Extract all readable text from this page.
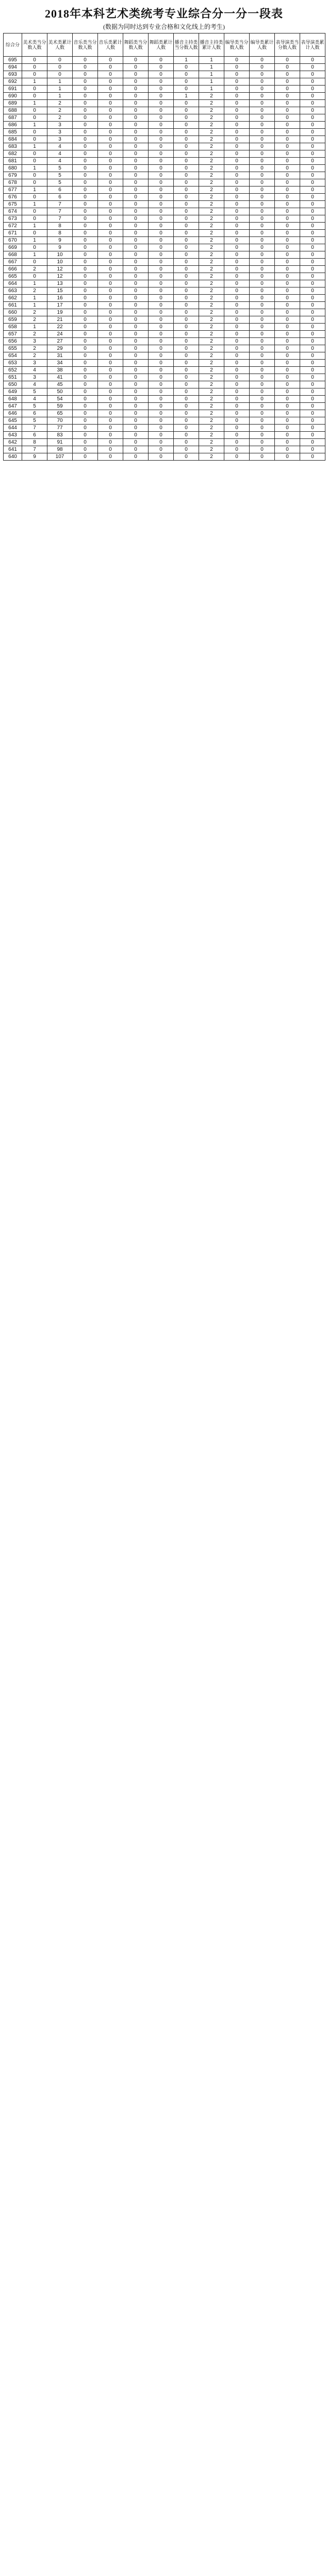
2018年本科艺术类统考专业综合分一分一段表
(数据为同时达到专业合格和文化线上的考生)
综合分	美术类当分数人数	美术类累计人数	音乐类当分数人数	音乐类累计人数	舞蹈类当分数人数	舞蹈类累计人数	播音主持类当分数人数	播音主持类累计人数	编导类当分数人数	编导类累计人数	表导演类当分数人数	表导演类累计人数
695	0	0	0	0	0	0	1	1	0	0	0	0
694	0	0	0	0	0	0	0	1	0	0	0	0
693	0	0	0	0	0	0	0	1	0	0	0	0
692	1	1	0	0	0	0	0	1	0	0	0	0
691	0	1	0	0	0	0	0	1	0	0	0	0
690	0	1	0	0	0	0	1	2	0	0	0	0
689	1	2	0	0	0	0	0	2	0	0	0	0
688	0	2	0	0	0	0	0	2	0	0	0	0
687	0	2	0	0	0	0	0	2	0	0	0	0
686	1	3	0	0	0	0	0	2	0	0	0	0
685	0	3	0	0	0	0	0	2	0	0	0	0
684	0	3	0	0	0	0	0	2	0	0	0	0
683	1	4	0	0	0	0	0	2	0	0	0	0
682	0	4	0	0	0	0	0	2	0	0	0	0
681	0	4	0	0	0	0	0	2	0	0	0	0
680	1	5	0	0	0	0	0	2	0	0	0	0
679	0	5	0	0	0	0	0	2	0	0	0	0
678	0	5	0	0	0	0	0	2	0	0	0	0
677	1	6	0	0	0	0	0	2	0	0	0	0
676	0	6	0	0	0	0	0	2	0	0	0	0
675	1	7	0	0	0	0	0	2	0	0	0	0
674	0	7	0	0	0	0	0	2	0	0	0	0
673	0	7	0	0	0	0	0	2	0	0	0	0
672	1	8	0	0	0	0	0	2	0	0	0	0
671	0	8	0	0	0	0	0	2	0	0	0	0
670	1	9	0	0	0	0	0	2	0	0	0	0
669	0	9	0	0	0	0	0	2	0	0	0	0
668	1	10	0	0	0	0	0	2	0	0	0	0
667	0	10	0	0	0	0	0	2	0	0	0	0
666	2	12	0	0	0	0	0	2	0	0	0	0
665	0	12	0	0	0	0	0	2	0	0	0	0
664	1	13	0	0	0	0	0	2	0	0	0	0
663	2	15	0	0	0	0	0	2	0	0	0	0
662	1	16	0	0	0	0	0	2	0	0	0	0
661	1	17	0	0	0	0	0	2	0	0	0	0
660	2	19	0	0	0	0	0	2	0	0	0	0
659	2	21	0	0	0	0	0	2	0	0	0	0
658	1	22	0	0	0	0	0	2	0	0	0	0
657	2	24	0	0	0	0	0	2	0	0	0	0
656	3	27	0	0	0	0	0	2	0	0	0	0
655	2	29	0	0	0	0	0	2	0	0	0	0
654	2	31	0	0	0	0	0	2	0	0	0	0
653	3	34	0	0	0	0	0	2	0	0	0	0
652	4	38	0	0	0	0	0	2	0	0	0	0
651	3	41	0	0	0	0	0	2	0	0	0	0
650	4	45	0	0	0	0	0	2	0	0	0	0
649	5	50	0	0	0	0	0	2	0	0	0	0
648	4	54	0	0	0	0	0	2	0	0	0	0
647	5	59	0	0	0	0	0	2	0	0	0	0
646	6	65	0	0	0	0	0	2	0	0	0	0
645	5	70	0	0	0	0	0	2	0	0	0	0
644	7	77	0	0	0	0	0	2	0	0	0	0
643	6	83	0	0	0	0	0	2	0	0	0	0
642	8	91	0	0	0	0	0	2	0	0	0	0
641	7	98	0	0	0	0	0	2	0	0	0	0
640	9	107	0	0	0	0	0	2	0	0	0	0
